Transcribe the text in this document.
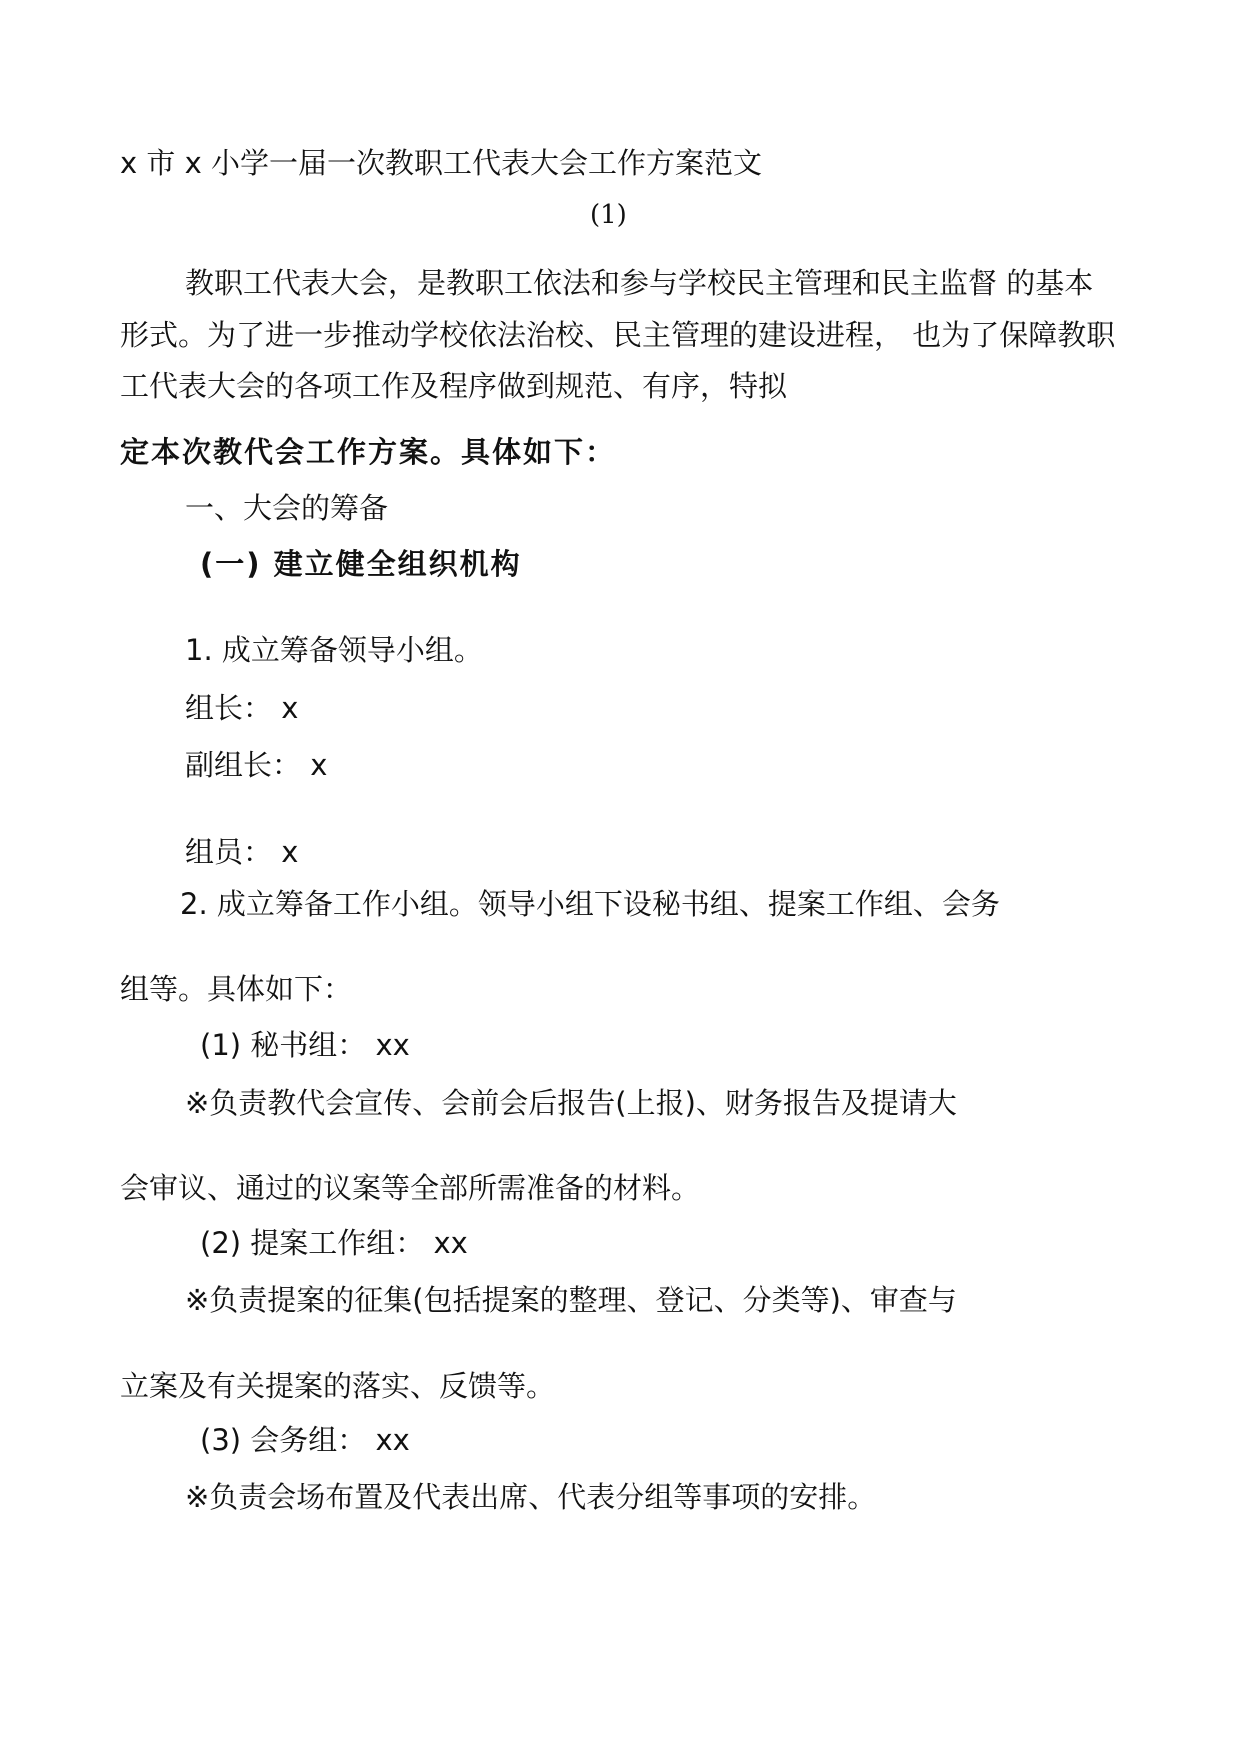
x 市 x 小学一届一次教职工代表大会工作方案范文
(1)
教职工代表大会，是教职工依法和参与学校民主管理和民主监督 的基本
形式。为了进一步推动学校依法治校、民主管理的建设进程， 也为了保障教职
工代表大会的各项工作及程序做到规范、有序，特拟
定本次教代会工作方案。具体如下：
一、大会的筹备
(一) 建立健全组织机构
1. 成立筹备领导小组。
组长： x
副组长： x
组员： x
2. 成立筹备工作小组。领导小组下设秘书组、提案工作组、会务
组等。具体如下：
(1) 秘书组： xx
※负责教代会宣传、会前会后报告(上报)、财务报告及提请大
会审议、通过的议案等全部所需准备的材料。
(2) 提案工作组： xx
※负责提案的征集(包括提案的整理、登记、分类等)、审查与
立案及有关提案的落实、反馈等。
(3) 会务组： xx
※负责会场布置及代表出席、代表分组等事项的安排。
